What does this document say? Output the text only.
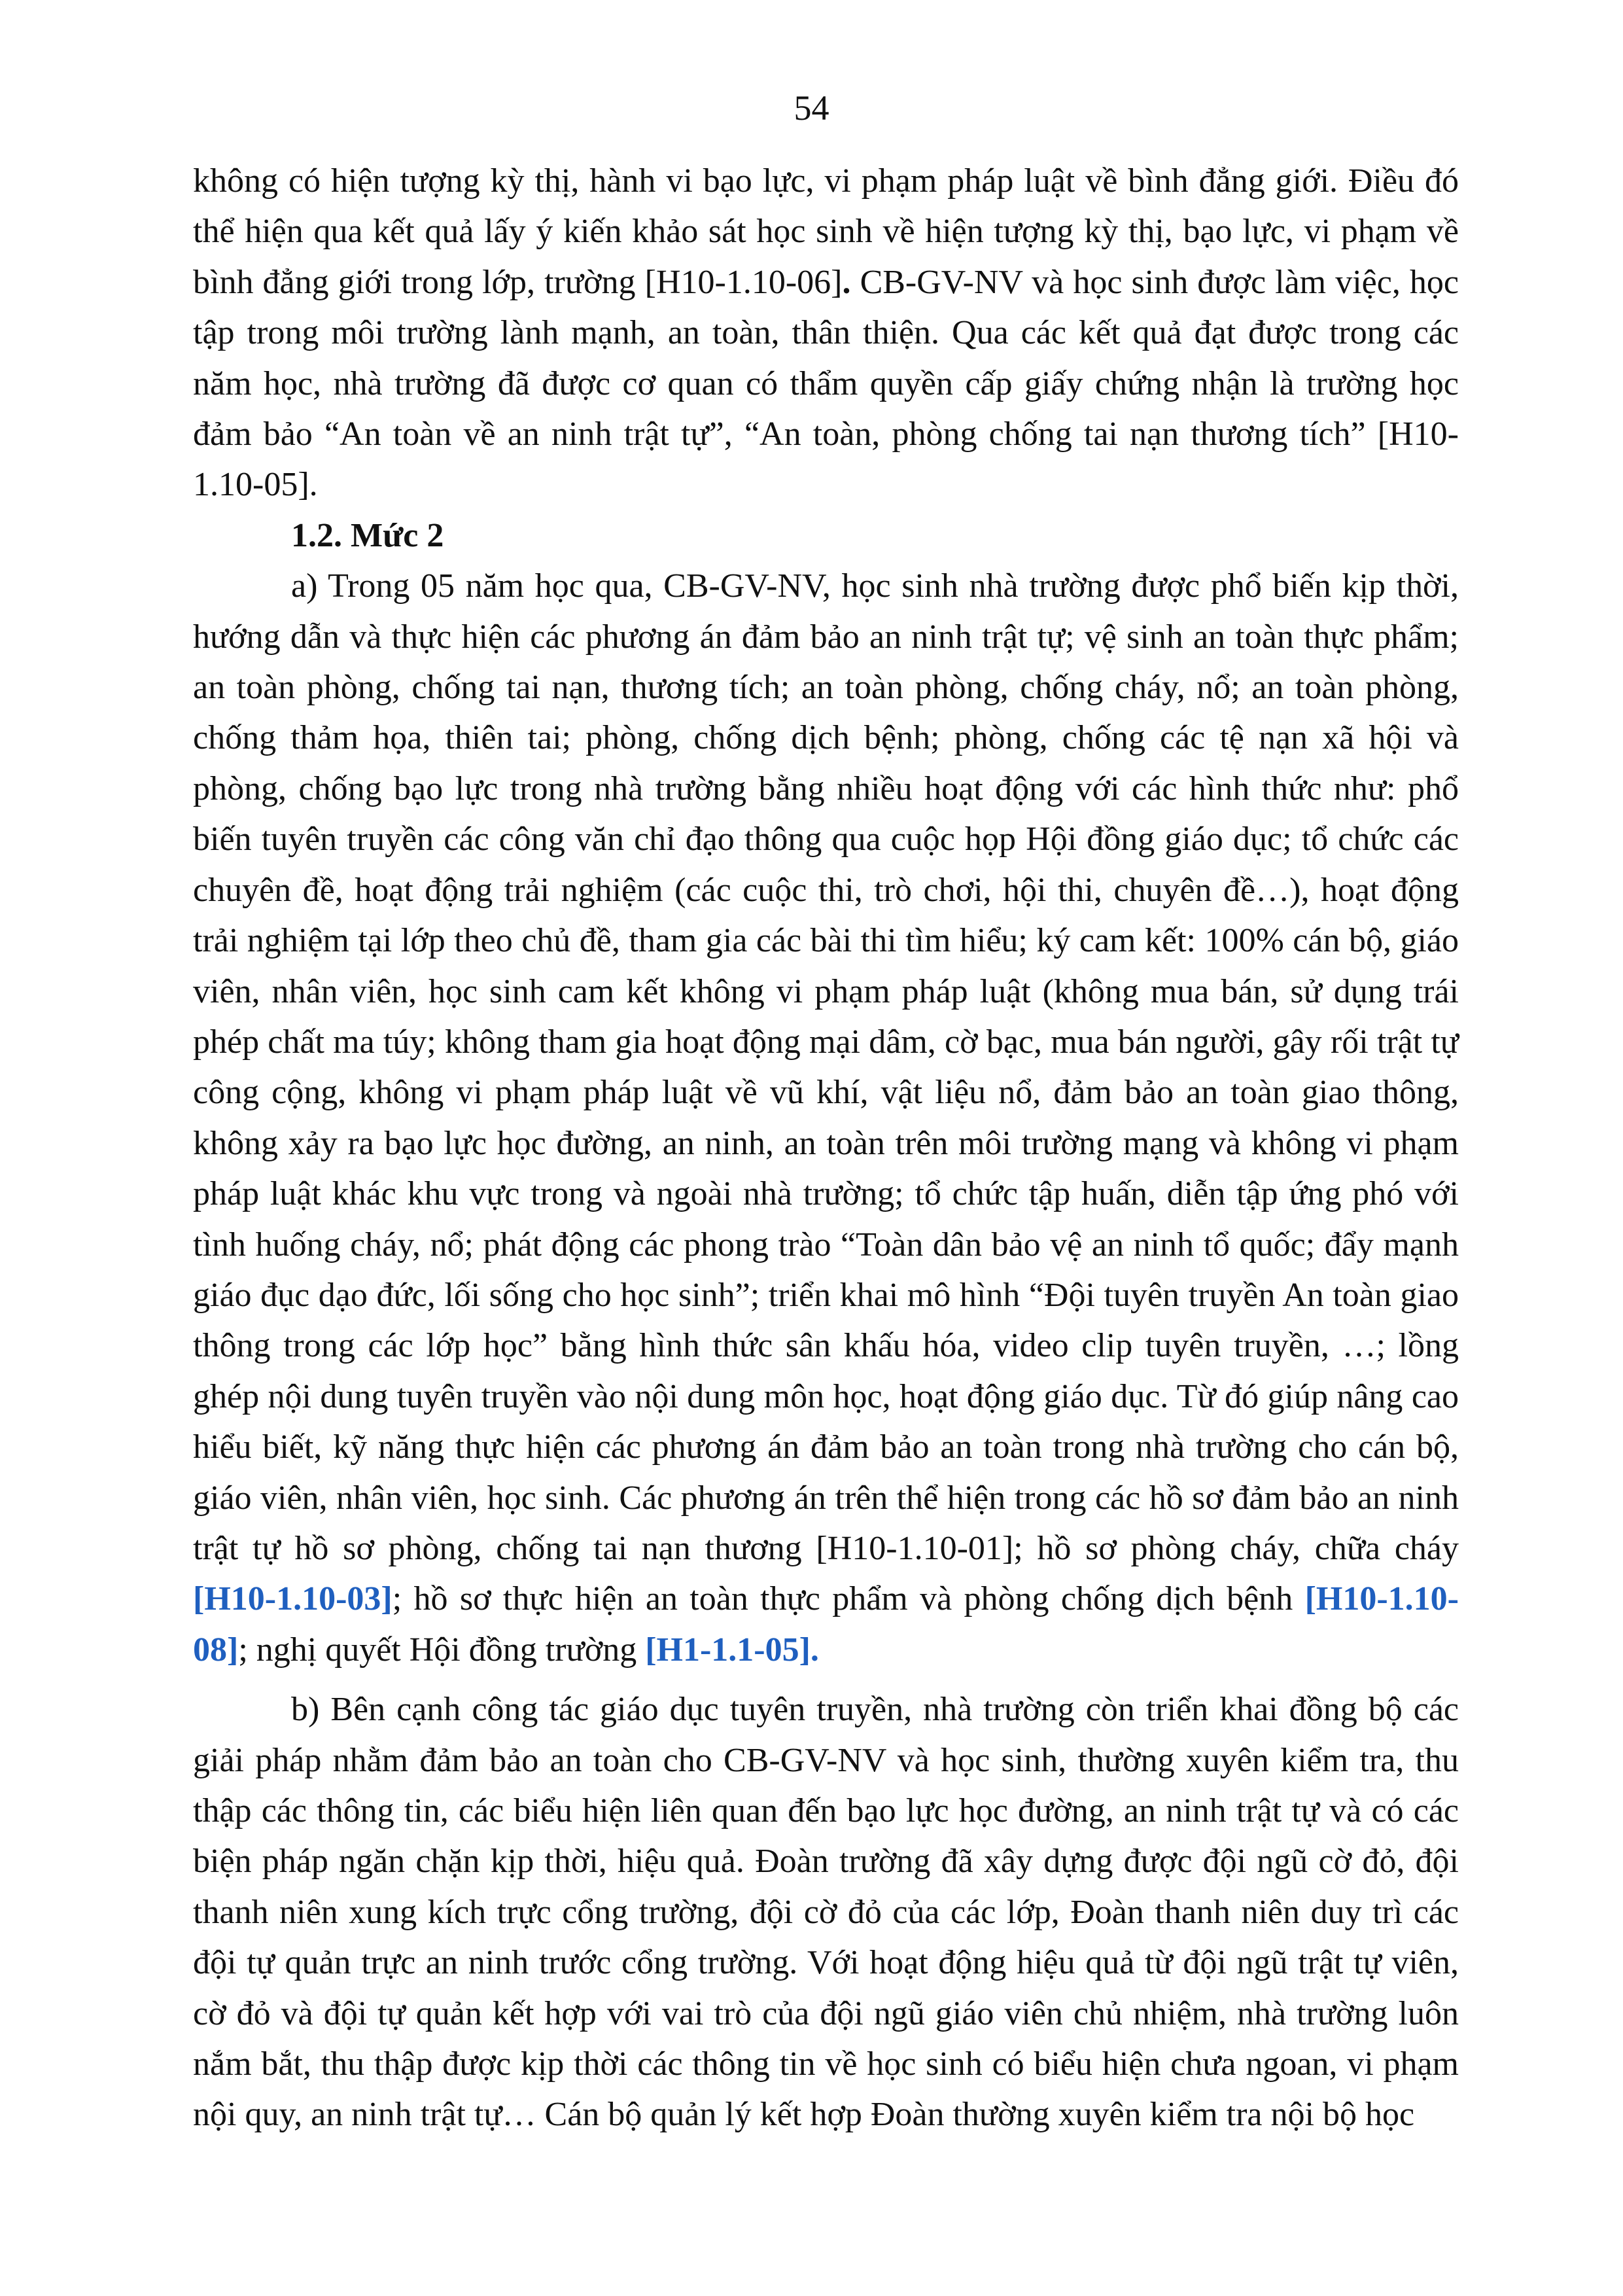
54

không có hiện tượng kỳ thị, hành vi bạo lực, vi phạm pháp luật về bình đẳng giới. Điều đó thể hiện qua kết quả lấy ý kiến khảo sát học sinh về hiện tượng kỳ thị, bạo lực, vi phạm về bình đẳng giới trong lớp, trường [H10-1.10-06]. CB-GV-NV và học sinh được làm việc, học tập trong môi trường lành mạnh, an toàn, thân thiện. Qua các kết quả đạt được trong các năm học, nhà trường đã được cơ quan có thẩm quyền cấp giấy chứng nhận là trường học đảm bảo “An toàn về an ninh trật tự”, “An toàn, phòng chống tai nạn thương tích” [H10-1.10-05].

1.2. Mức 2

a) Trong 05 năm học qua, CB-GV-NV, học sinh nhà trường được phổ biến kịp thời, hướng dẫn và thực hiện các phương án đảm bảo an ninh trật tự; vệ sinh an toàn thực phẩm; an toàn phòng, chống tai nạn, thương tích; an toàn phòng, chống cháy, nổ; an toàn phòng, chống thảm họa, thiên tai; phòng, chống dịch bệnh; phòng, chống các tệ nạn xã hội và phòng, chống bạo lực trong nhà trường bằng nhiều hoạt động với các hình thức như: phổ biến tuyên truyền các công văn chỉ đạo thông qua cuộc họp Hội đồng giáo dục; tổ chức các chuyên đề, hoạt động trải nghiệm (các cuộc thi, trò chơi, hội thi, chuyên đề…), hoạt động trải nghiệm tại lớp theo chủ đề, tham gia các bài thi tìm hiểu; ký cam kết: 100% cán bộ, giáo viên, nhân viên, học sinh cam kết không vi phạm pháp luật (không mua bán, sử dụng trái phép chất ma túy; không tham gia hoạt động mại dâm, cờ bạc, mua bán người, gây rối trật tự công cộng, không vi phạm pháp luật về vũ khí, vật liệu nổ, đảm bảo an toàn giao thông, không xảy ra bạo lực học đường, an ninh, an toàn trên môi trường mạng và không vi phạm pháp luật khác khu vực trong và ngoài nhà trường; tổ chức tập huấn, diễn tập ứng phó với tình huống cháy, nổ; phát động các phong trào “Toàn dân bảo vệ an ninh tổ quốc; đẩy mạnh giáo đục dạo đức, lối sống cho học sinh”; triển khai mô hình “Đội tuyên truyền An toàn giao thông trong các lớp học” bằng hình thức sân khấu hóa, video clip tuyên truyền, …; lồng ghép nội dung tuyên truyền vào nội dung môn học, hoạt động giáo dục. Từ đó giúp nâng cao hiểu biết, kỹ năng thực hiện các phương án đảm bảo an toàn trong nhà trường cho cán bộ, giáo viên, nhân viên, học sinh. Các phương án trên thể hiện trong các hồ sơ đảm bảo an ninh trật tự hồ sơ phòng, chống tai nạn thương [H10-1.10-01]; hồ sơ phòng cháy, chữa cháy [H10-1.10-03]; hồ sơ thực hiện an toàn thực phẩm và phòng chống dịch bệnh [H10-1.10-08]; nghị quyết Hội đồng trường [H1-1.1-05].

b) Bên cạnh công tác giáo dục tuyên truyền, nhà trường còn triển khai đồng bộ các giải pháp nhằm đảm bảo an toàn cho CB-GV-NV và học sinh, thường xuyên kiểm tra, thu thập các thông tin, các biểu hiện liên quan đến bạo lực học đường, an ninh trật tự và có các biện pháp ngăn chặn kịp thời, hiệu quả. Đoàn trường đã xây dựng được đội ngũ cờ đỏ, đội thanh niên xung kích trực cổng trường, đội cờ đỏ của các lớp, Đoàn thanh niên duy trì các đội tự quản trực an ninh trước cổng trường. Với hoạt động hiệu quả từ đội ngũ trật tự viên, cờ đỏ và đội tự quản kết hợp với vai trò của đội ngũ giáo viên chủ nhiệm, nhà trường luôn nắm bắt, thu thập được kịp thời các thông tin về học sinh có biểu hiện chưa ngoan, vi phạm nội quy, an ninh trật tự… Cán bộ quản lý kết hợp Đoàn thường xuyên kiểm tra nội bộ học
